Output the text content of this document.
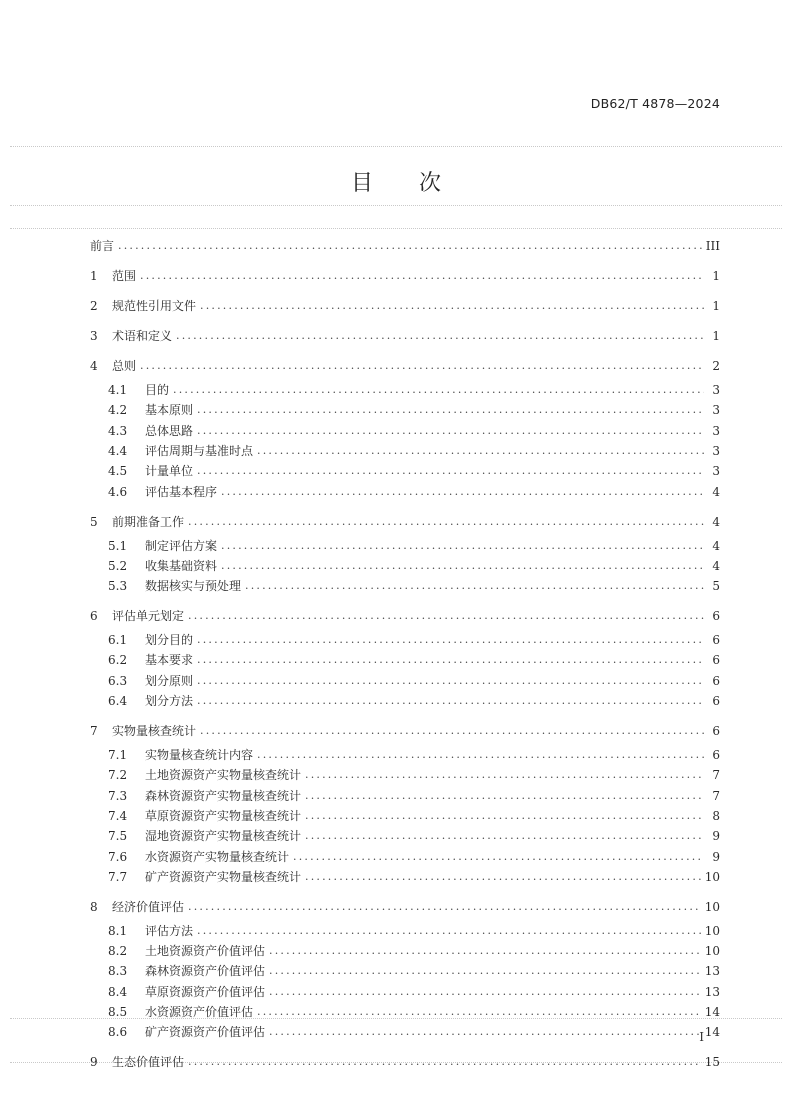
DB62/T 4878—2024
目 次
前言 .....	III
1	范围 .....	1
2	规范性引用文件 .....	1
3	术语和定义 .....	1
4	总则 .....	2
4.1	目的 .....	3
4.2	基本原则 .....	3
4.3	总体思路 .....	3
4.4	评估周期与基准时点 .....	3
4.5	计量单位 .....	3
4.6	评估基本程序 .....	4
5	前期准备工作 .....	4
5.1	制定评估方案 .....	4
5.2	收集基础资料 .....	4
5.3	数据核实与预处理 .....	5
6	评估单元划定 .....	6
6.1	划分目的 .....	6
6.2	基本要求 .....	6
6.3	划分原则 .....	6
6.4	划分方法 .....	6
7	实物量核查统计 .....	6
7.1	实物量核查统计内容 .....	6
7.2	土地资源资产实物量核查统计 .....	7
7.3	森林资源资产实物量核查统计 .....	7
7.4	草原资源资产实物量核查统计 .....	8
7.5	湿地资源资产实物量核查统计 .....	9
7.6	水资源资产实物量核查统计 .....	9
7.7	矿产资源资产实物量核查统计 .....	10
8	经济价值评估 .....	10
8.1	评估方法 .....	10
8.2	土地资源资产价值评估 .....	10
8.3	森林资源资产价值评估 .....	13
8.4	草原资源资产价值评估 .....	13
8.5	水资源资产价值评估 .....	14
8.6	矿产资源资产价值评估 .....	14
9	生态价值评估 .....	15
I
